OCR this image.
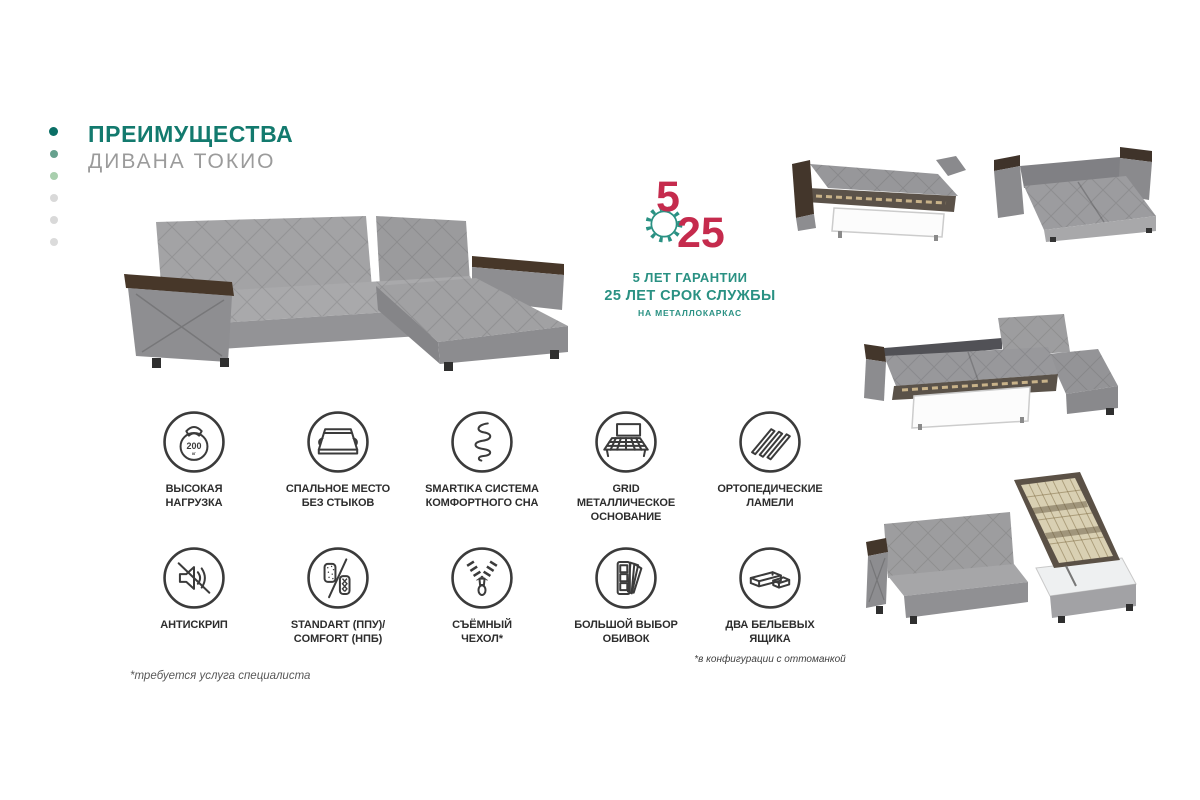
ПРЕИМУЩЕСТВА
ДИВАНА ТОКИО
5
25
5 ЛЕТ ГАРАНТИИ
25 ЛЕТ СРОК СЛУЖБЫ
НА МЕТАЛЛОКАРКАС
200
кг
ВЫСОКАЯ
НАГРУЗКА
СПАЛЬНОЕ МЕСТО
БЕЗ СТЫКОВ
SMARTIKA СИСТЕМА
КОМФОРТНОГО СНА
GRID
МЕТАЛЛИЧЕСКОЕ
ОСНОВАНИЕ
ОРТОПЕДИЧЕСКИЕ
ЛАМЕЛИ
АНТИСКРИП	STANDART (ППУ)/
COMFORT (НПБ)
СЪЁМНЫЙ
ЧЕХОЛ*
БОЛЬШОЙ ВЫБОР
ОБИВОК
ДВА БЕЛЬЕВЫХ
ЯЩИКА
*в конфигурации с оттоманкой
*требуется услуга специалиста
